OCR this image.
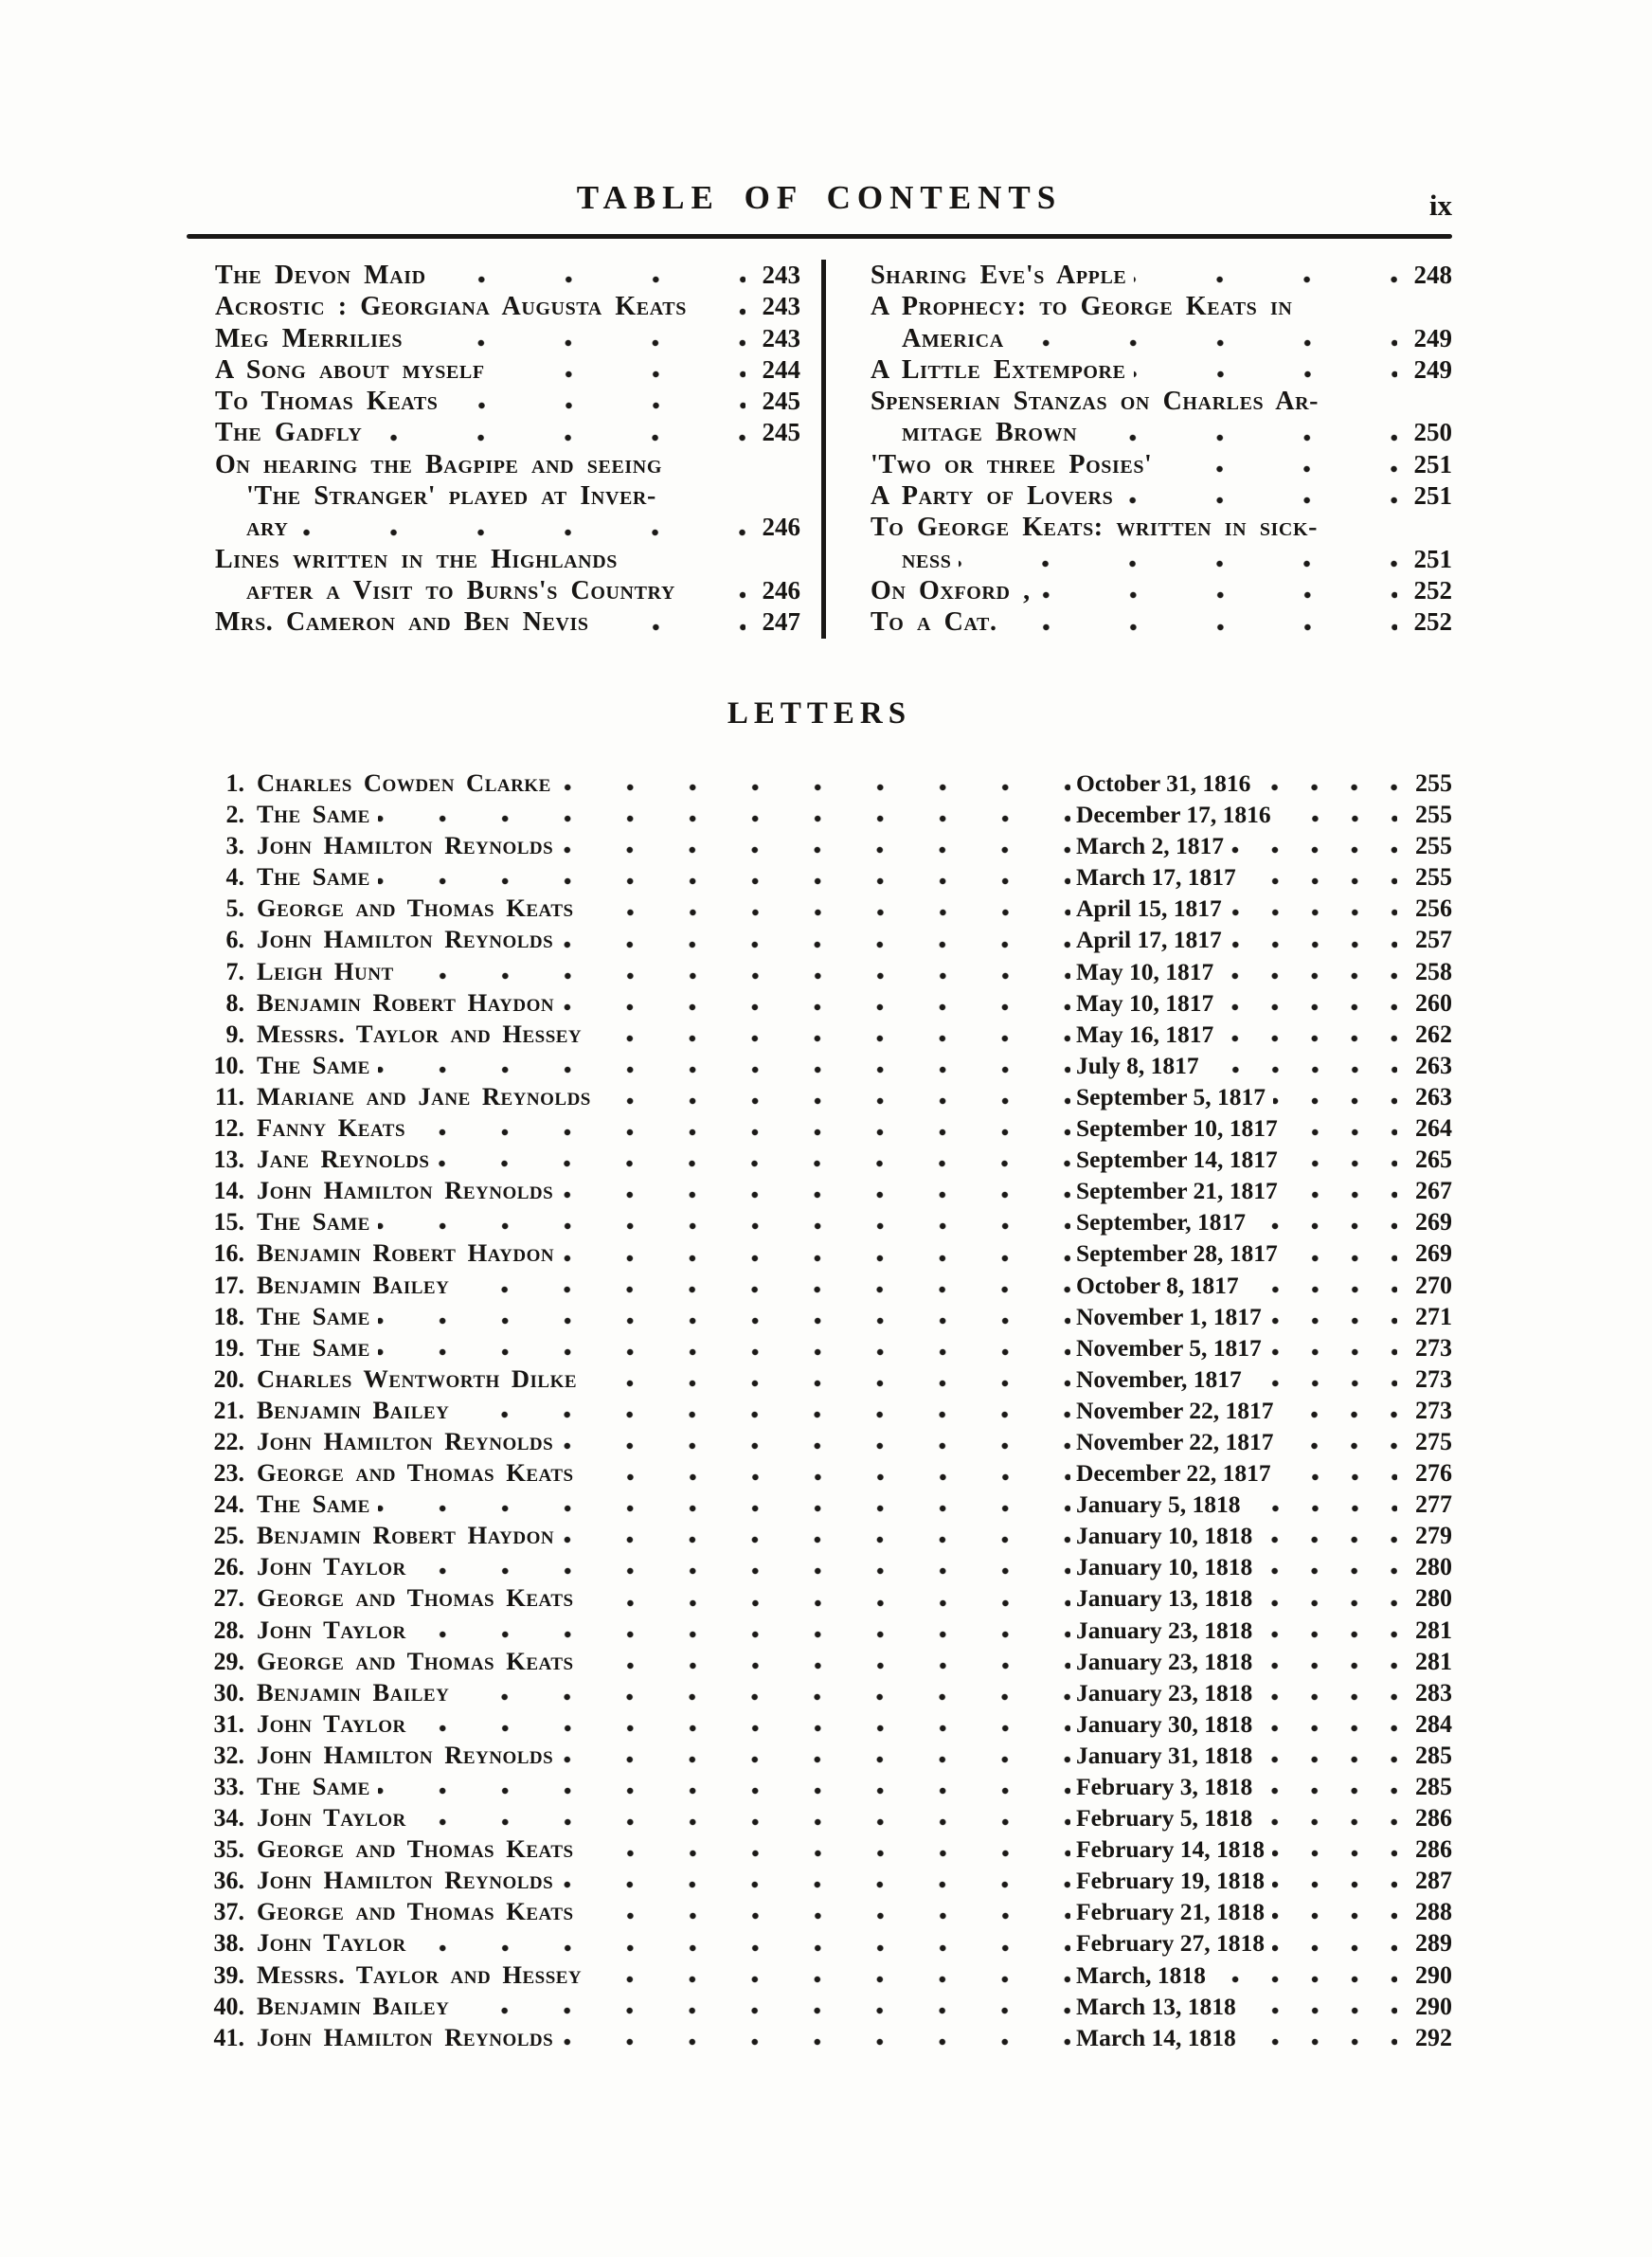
TABLE OF CONTENTS	ix
The Devon Maid	243
Acrostic : Georgiana Augusta Keats	243
Meg Merrilies	243
A Song about myself	244
To Thomas Keats	245
The Gadfly	245
On hearing the Bagpipe and seeing
'The Stranger' played at Inver-
ary	246
Lines written in the Highlands
after a Visit to Burns's Country	246
Mrs. Cameron and Ben Nevis	247
Sharing Eve's Apple	248
A Prophecy: to George Keats in
America	249
A Little Extempore	249
Spenserian Stanzas on Charles Ar-
mitage Brown	250
'Two or three Posies'	251
A Party of Lovers	251
To George Keats: written in sick-
ness	251
On Oxford ,	252
To a Cat.	252
LETTERS
1. Charles Cowden Clarke	October 31, 1816	255
2. The Same	December 17, 1816	255
3. John Hamilton Reynolds	March 2, 1817	255
4. The Same	March 17, 1817	255
5. George and Thomas Keats	April 15, 1817	256
6. John Hamilton Reynolds	April 17, 1817	257
7. Leigh Hunt	May 10, 1817	258
8. Benjamin Robert Haydon	May 10, 1817	260
9. Messrs. Taylor and Hessey	May 16, 1817	262
10. The Same	July 8, 1817	263
11. Mariane and Jane Reynolds	September 5, 1817	263
12. Fanny Keats	September 10, 1817	264
13. Jane Reynolds	September 14, 1817	265
14. John Hamilton Reynolds	September 21, 1817	267
15. The Same	September, 1817	269
16. Benjamin Robert Haydon	September 28, 1817	269
17. Benjamin Bailey	October 8, 1817	270
18. The Same	November 1, 1817	271
19. The Same	November 5, 1817	273
20. Charles Wentworth Dilke	November, 1817	273
21. Benjamin Bailey	November 22, 1817	273
22. John Hamilton Reynolds	November 22, 1817	275
23. George and Thomas Keats	December 22, 1817	276
24. The Same	January 5, 1818	277
25. Benjamin Robert Haydon	January 10, 1818	279
26. John Taylor	January 10, 1818	280
27. George and Thomas Keats	January 13, 1818	280
28. John Taylor	January 23, 1818	281
29. George and Thomas Keats	January 23, 1818	281
30. Benjamin Bailey	January 23, 1818	283
31. John Taylor	January 30, 1818	284
32. John Hamilton Reynolds	January 31, 1818	285
33. The Same	February 3, 1818	285
34. John Taylor	February 5, 1818	286
35. George and Thomas Keats	February 14, 1818	286
36. John Hamilton Reynolds	February 19, 1818	287
37. George and Thomas Keats	February 21, 1818	288
38. John Taylor	February 27, 1818	289
39. Messrs. Taylor and Hessey	March, 1818	290
40. Benjamin Bailey	March 13, 1818	290
41. John Hamilton Reynolds	March 14, 1818	292
